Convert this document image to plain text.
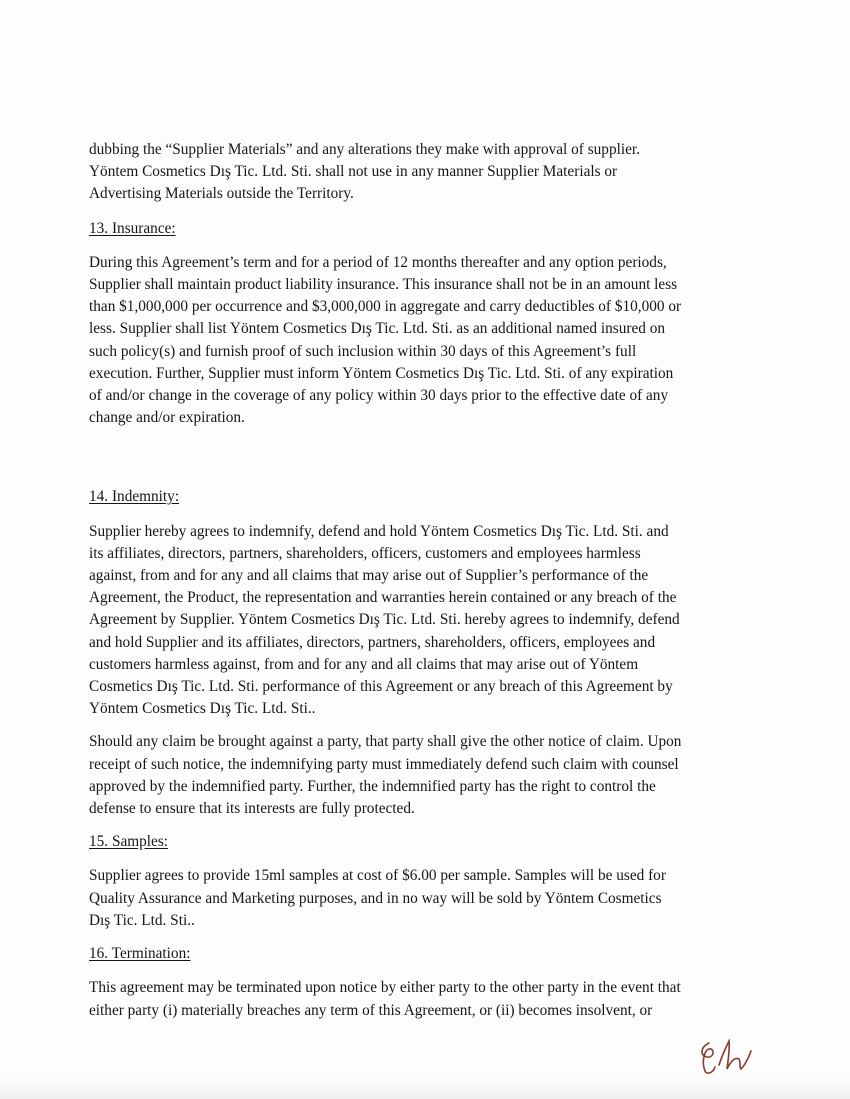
dubbing the “Supplier Materials” and any alterations they make with approval of supplier.
Yöntem Cosmetics Dış Tic. Ltd. Sti. shall not use in any manner Supplier Materials or
Advertising Materials outside the Territory.
13. Insurance:
During this Agreement’s term and for a period of 12 months thereafter and any option periods,
Supplier shall maintain product liability insurance. This insurance shall not be in an amount less
than $1,000,000 per occurrence and $3,000,000 in aggregate and carry deductibles of $10,000 or
less. Supplier shall list Yöntem Cosmetics Dış Tic. Ltd. Sti. as an additional named insured on
such policy(s) and furnish proof of such inclusion within 30 days of this Agreement’s full
execution. Further, Supplier must inform Yöntem Cosmetics Dış Tic. Ltd. Sti. of any expiration
of and/or change in the coverage of any policy within 30 days prior to the effective date of any
change and/or expiration.
14. Indemnity:
Supplier hereby agrees to indemnify, defend and hold Yöntem Cosmetics Dış Tic. Ltd. Sti. and
its affiliates, directors, partners, shareholders, officers, customers and employees harmless
against, from and for any and all claims that may arise out of Supplier’s performance of the
Agreement, the Product, the representation and warranties herein contained or any breach of the
Agreement by Supplier. Yöntem Cosmetics Dış Tic. Ltd. Sti. hereby agrees to indemnify, defend
and hold Supplier and its affiliates, directors, partners, shareholders, officers, employees and
customers harmless against, from and for any and all claims that may arise out of Yöntem
Cosmetics Dış Tic. Ltd. Sti. performance of this Agreement or any breach of this Agreement by
Yöntem Cosmetics Dış Tic. Ltd. Sti..
Should any claim be brought against a party, that party shall give the other notice of claim. Upon
receipt of such notice, the indemnifying party must immediately defend such claim with counsel
approved by the indemnified party. Further, the indemnified party has the right to control the
defense to ensure that its interests are fully protected.
15. Samples:
Supplier agrees to provide 15ml samples at cost of $6.00 per sample. Samples will be used for
Quality Assurance and Marketing purposes, and in no way will be sold by Yöntem Cosmetics
Dış Tic. Ltd. Sti..
16. Termination:
This agreement may be terminated upon notice by either party to the other party in the event that
either party (i) materially breaches any term of this Agreement, or (ii) becomes insolvent, or
